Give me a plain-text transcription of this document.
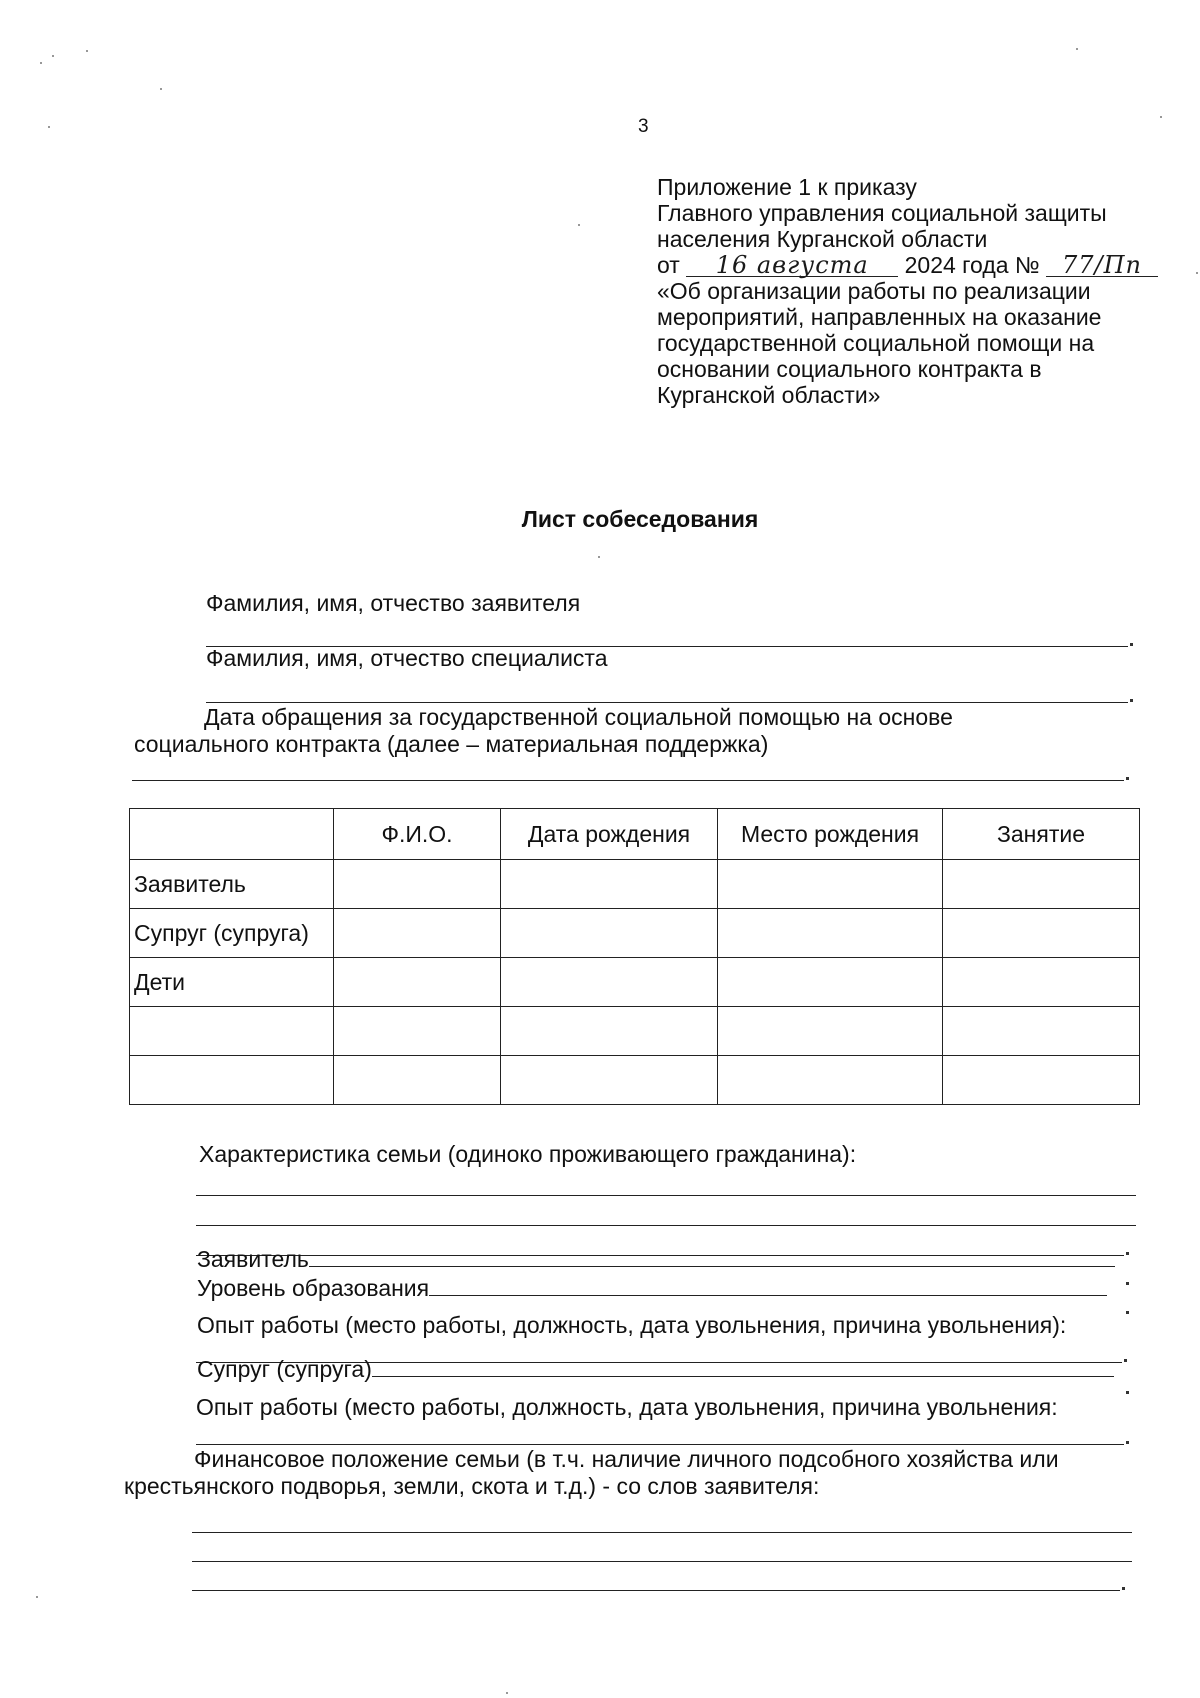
3
Приложение 1 к приказу
Главного управления социальной защиты
населения Курганской области
от 16 августа 2024 года № 77/Пп
«Об организации работы по реализации
мероприятий, направленных на оказание
государственной социальной помощи на
основании социального контракта в
Курганской области»
Лист собеседования
Фамилия, имя, отчество заявителя
Фамилия, имя, отчество специалиста
Дата обращения за государственной социальной помощью на основе
социального контракта (далее – материальная поддержка)
	Ф.И.О.	Дата рождения	Место рождения	Занятие
Заявитель				
Супруг (супруга)				
Дети				

Характеристика семьи (одиноко проживающего гражданина):
Заявитель
Уровень образования
Опыт работы (место работы, должность, дата увольнения, причина увольнения):
Супруг (супруга)
Опыт работы (место работы, должность, дата увольнения, причина увольнения:
Финансовое положение семьи (в т.ч. наличие личного подсобного хозяйства или
крестьянского подворья, земли, скота и т.д.) - со слов заявителя:
